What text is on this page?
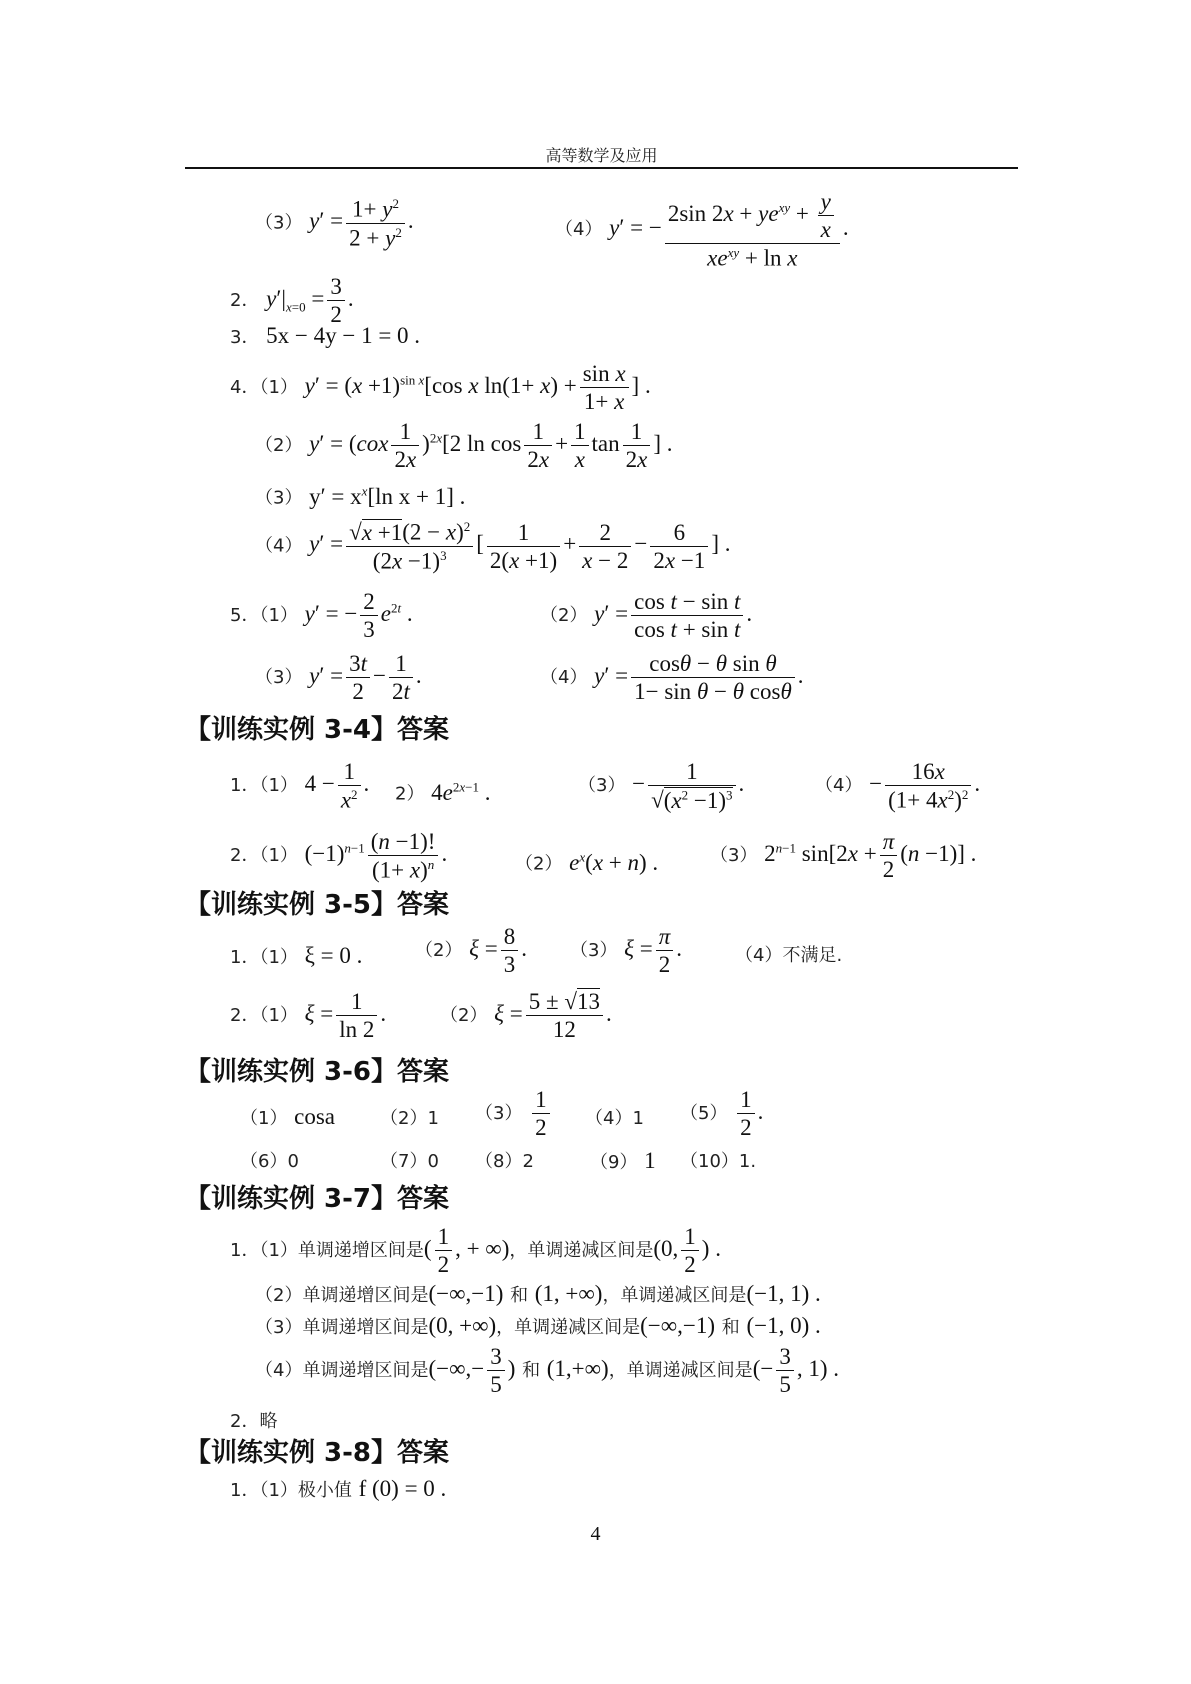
高等数学及应用
（3） $y' = \frac{1+ y^2}{2 + y^2}$ .	（4） y′ = − $\frac{2\sin 2x + ye^{xy} + \frac{y}{x}}{xe^{xy} + \ln x}$ .
2． $y'|_{x=0} = \frac{3}{2}$ .
3． 5x − 4y − 1 = 0 .
4．（1） $y' = (x +1)^{sin x}[\cos$ x $\ln(1+ x) + \frac{\text{sin x}}{1+ x}$ ] .
（2） $y' = (cox \frac{1}{2x} )^{2x}[2$ $\ln \cos \frac{1}{2x} + \frac{1}{x}$ $\tan \frac{1}{2x}$ ] .
（3） $y' = x^x[\ln$ x + 1] .
（4） $y' = \frac{√x +1(2 - x)^2}{(2x -1)^3}$ [ $\frac{1}{2(x +1)} + \frac{2}{x - 2} - \frac{6}{2x -1}$ ] .
5．（1） y′ = − $\frac{2}{3} e^{2t}$ .	（2） $y' = \frac{\text{cos t − sin t}}{\text{cos t + sin t}}$ .
（3） $y' = \frac{3t}{2} - \frac{1}{2t}$ .	（4） $y' = \frac{\text{cosθ − θ sin θ}}{\text{1− sin θ − θ cosθ}}$ .
【训练实例 3-4】答案
1．（1） $4 - \frac{1}{x^2}$ . 2） $4e^{2x-1}$ .	$(3) - \frac{1}{√(x^2 -1)^3}$ .	$(4) - \frac{16x}{(1+ 4x^2)^2}$ .
2．（1） $(-1)^{n-1} \frac{(n -1)!}{(1+ x)^n}$ .	（2） $e^x(x + n)$ .	（3） $2^{n-1}$ $\sin[2x + \frac{\pi}{2} (n -1)]$ .
【训练实例 3-5】答案
1．（1） ξ = 0 .	（2） $\xi = \frac{8}{3}$ . （3） $\xi = \frac{\pi}{2}$ .	（4）不满足.
2．（1） $\xi = \frac{1}{\ln 2}$ .	（2） $\xi = \frac{5 \pm √13}{12}$ .
【训练实例 3-6】答案
（1） cosa （2）1 $(3) \frac{1}{2} (4)1$ $(5) \frac{1}{2}$ .
（6）0	（7）0 （8）2	（9） 1 （10）1.
【训练实例 3-7】答案
1．（1）单调递增区间是( $\frac{1}{2}$ , + ∞)，单调递减区间是(0, $\frac{1}{2}$ ) .
（2）单调递增区间是(−∞,−1) 和 (1, +∞)，单调递减区间是(−1, 1) .
（3）单调递增区间是(0, +∞)，单调递减区间是(−∞,−1) 和 (−1, 0) .
（4）单调递增区间是(−∞,− $\frac{3}{5}$ ) 和 (1,+∞)，单调递减区间是(− $\frac{3}{5}$ , 1) .
2．略
【训练实例 3-8】答案
1．（1）极小值 f (0) = 0 .
4
